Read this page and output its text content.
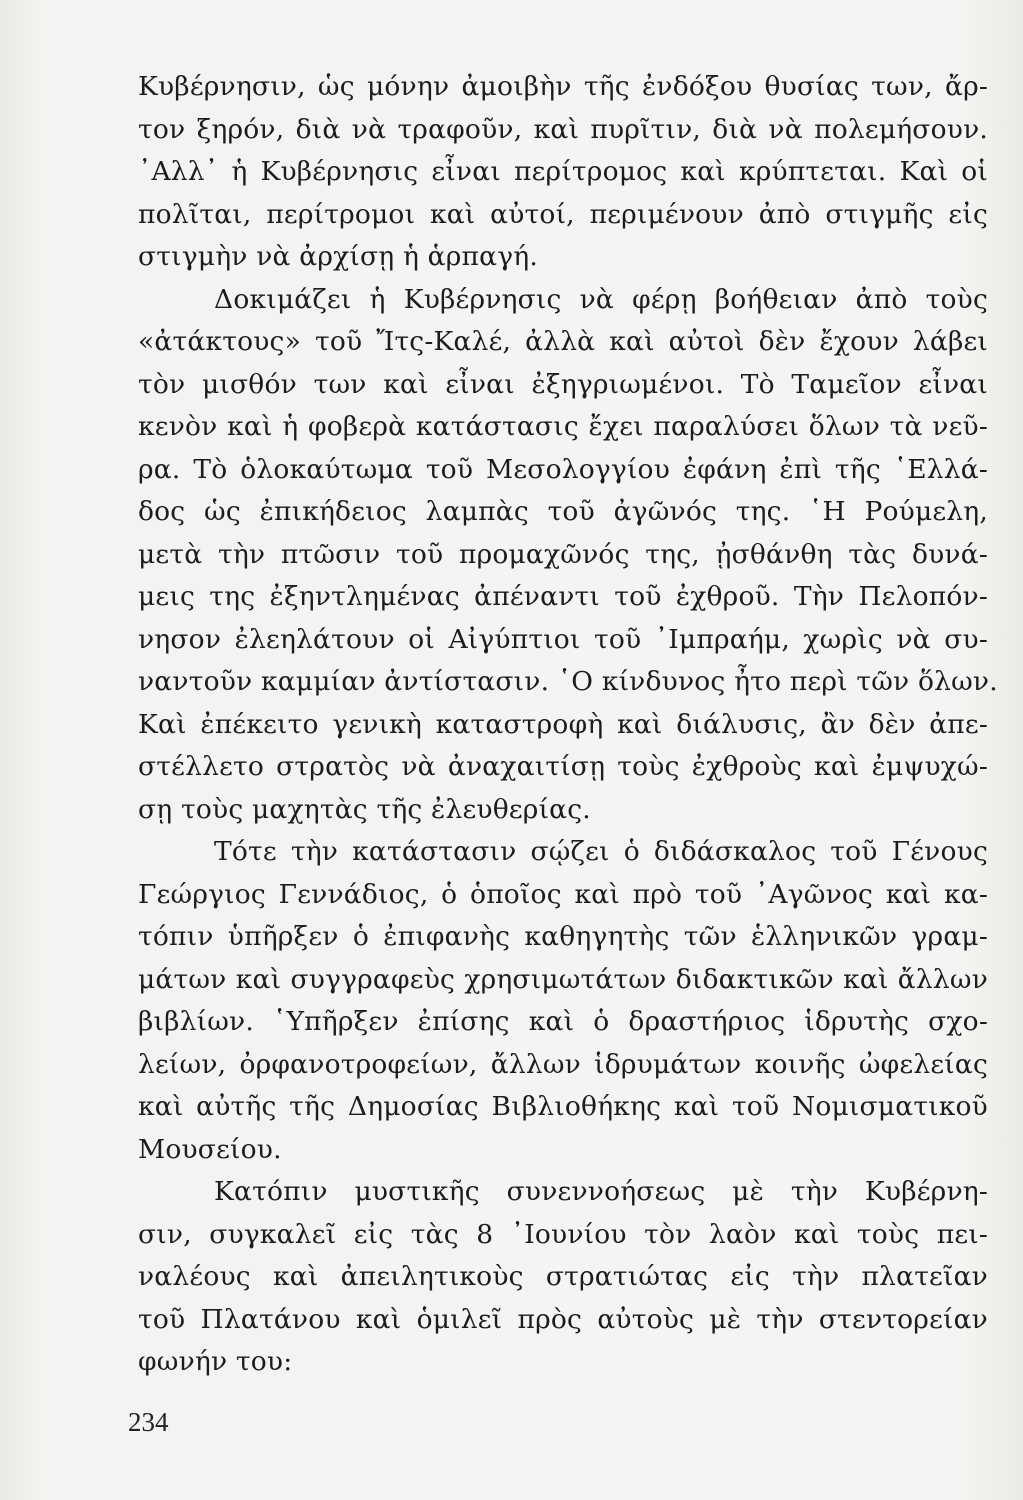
Κυβέρνησιν, ὡς μόνην ἀμοιβὴν τῆς ἐνδόξου θυσίας των, ἄρ-
τον ξηρόν, διὰ νὰ τραφοῦν, καὶ πυρῖτιν, διὰ νὰ πολεμήσουν.
᾿Αλλ᾿ ἡ Κυβέρνησις εἶναι περίτρομος καὶ κρύπτεται. Καὶ οἱ
πολῖται, περίτρομοι καὶ αὐτοί, περιμένουν ἀπὸ στιγμῆς εἰς
στιγμὴν νὰ ἀρχίσῃ ἡ ἁρπαγή.
Δοκιμάζει ἡ Κυβέρνησις νὰ φέρῃ βοήθειαν ἀπὸ τοὺς
«ἀτάκτους» τοῦ Ἴτς-Καλέ, ἀλλὰ καὶ αὐτοὶ δὲν ἔχουν λάβει
τὸν μισθόν των καὶ εἶναι ἐξηγριωμένοι. Τὸ Ταμεῖον εἶναι
κενὸν καὶ ἡ φοβερὰ κατάστασις ἔχει παραλύσει ὅλων τὰ νεῦ-
ρα. Τὸ ὁλοκαύτωμα τοῦ Μεσολογγίου ἐφάνη ἐπὶ τῆς ῾Ελλά-
δος ὡς ἐπικήδειος λαμπὰς τοῦ ἀγῶνός της. ῾Η Ρούμελη,
μετὰ τὴν πτῶσιν τοῦ προμαχῶνός της, ᾐσθάνθη τὰς δυνά-
μεις της ἐξηντλημένας ἀπέναντι τοῦ ἐχθροῦ. Τὴν Πελοπόν-
νησον ἐλεηλάτουν οἱ Αἰγύπτιοι τοῦ ᾿Ιμπραήμ, χωρὶς νὰ συ-
ναντοῦν καμμίαν ἀντίστασιν. ῾Ο κίνδυνος ἦτο περὶ τῶν ὅλων.
Καὶ ἐπέκειτο γενικὴ καταστροφὴ καὶ διάλυσις, ἂν δὲν ἀπε-
στέλλετο στρατὸς νὰ ἀναχαιτίσῃ τοὺς ἐχθροὺς καὶ ἐμψυχώ-
σῃ τοὺς μαχητὰς τῆς ἐλευθερίας.
Τότε τὴν κατάστασιν σῴζει ὁ διδάσκαλος τοῦ Γένους
Γεώργιος Γεννάδιος, ὁ ὁποῖος καὶ πρὸ τοῦ ᾿Αγῶνος καὶ κα-
τόπιν ὑπῆρξεν ὁ ἐπιφανὴς καθηγητὴς τῶν ἑλληνικῶν γραμ-
μάτων καὶ συγγραφεὺς χρησιμωτάτων διδακτικῶν καὶ ἄλλων
βιβλίων. ῾Υπῆρξεν ἐπίσης καὶ ὁ δραστήριος ἱδρυτὴς σχο-
λείων, ὀρφανοτροφείων, ἄλλων ἱδρυμάτων κοινῆς ὠφελείας
καὶ αὐτῆς τῆς Δημοσίας Βιβλιοθήκης καὶ τοῦ Νομισματικοῦ
Μουσείου.
Κατόπιν μυστικῆς συνεννοήσεως μὲ τὴν Κυβέρνη-
σιν, συγκαλεῖ εἰς τὰς 8 ᾿Ιουνίου τὸν λαὸν καὶ τοὺς πει-
ναλέους καὶ ἀπειλητικοὺς στρατιώτας εἰς τὴν πλατεῖαν
τοῦ Πλατάνου καὶ ὁμιλεῖ πρὸς αὐτοὺς μὲ τὴν στεντορείαν
φωνήν του:
234
